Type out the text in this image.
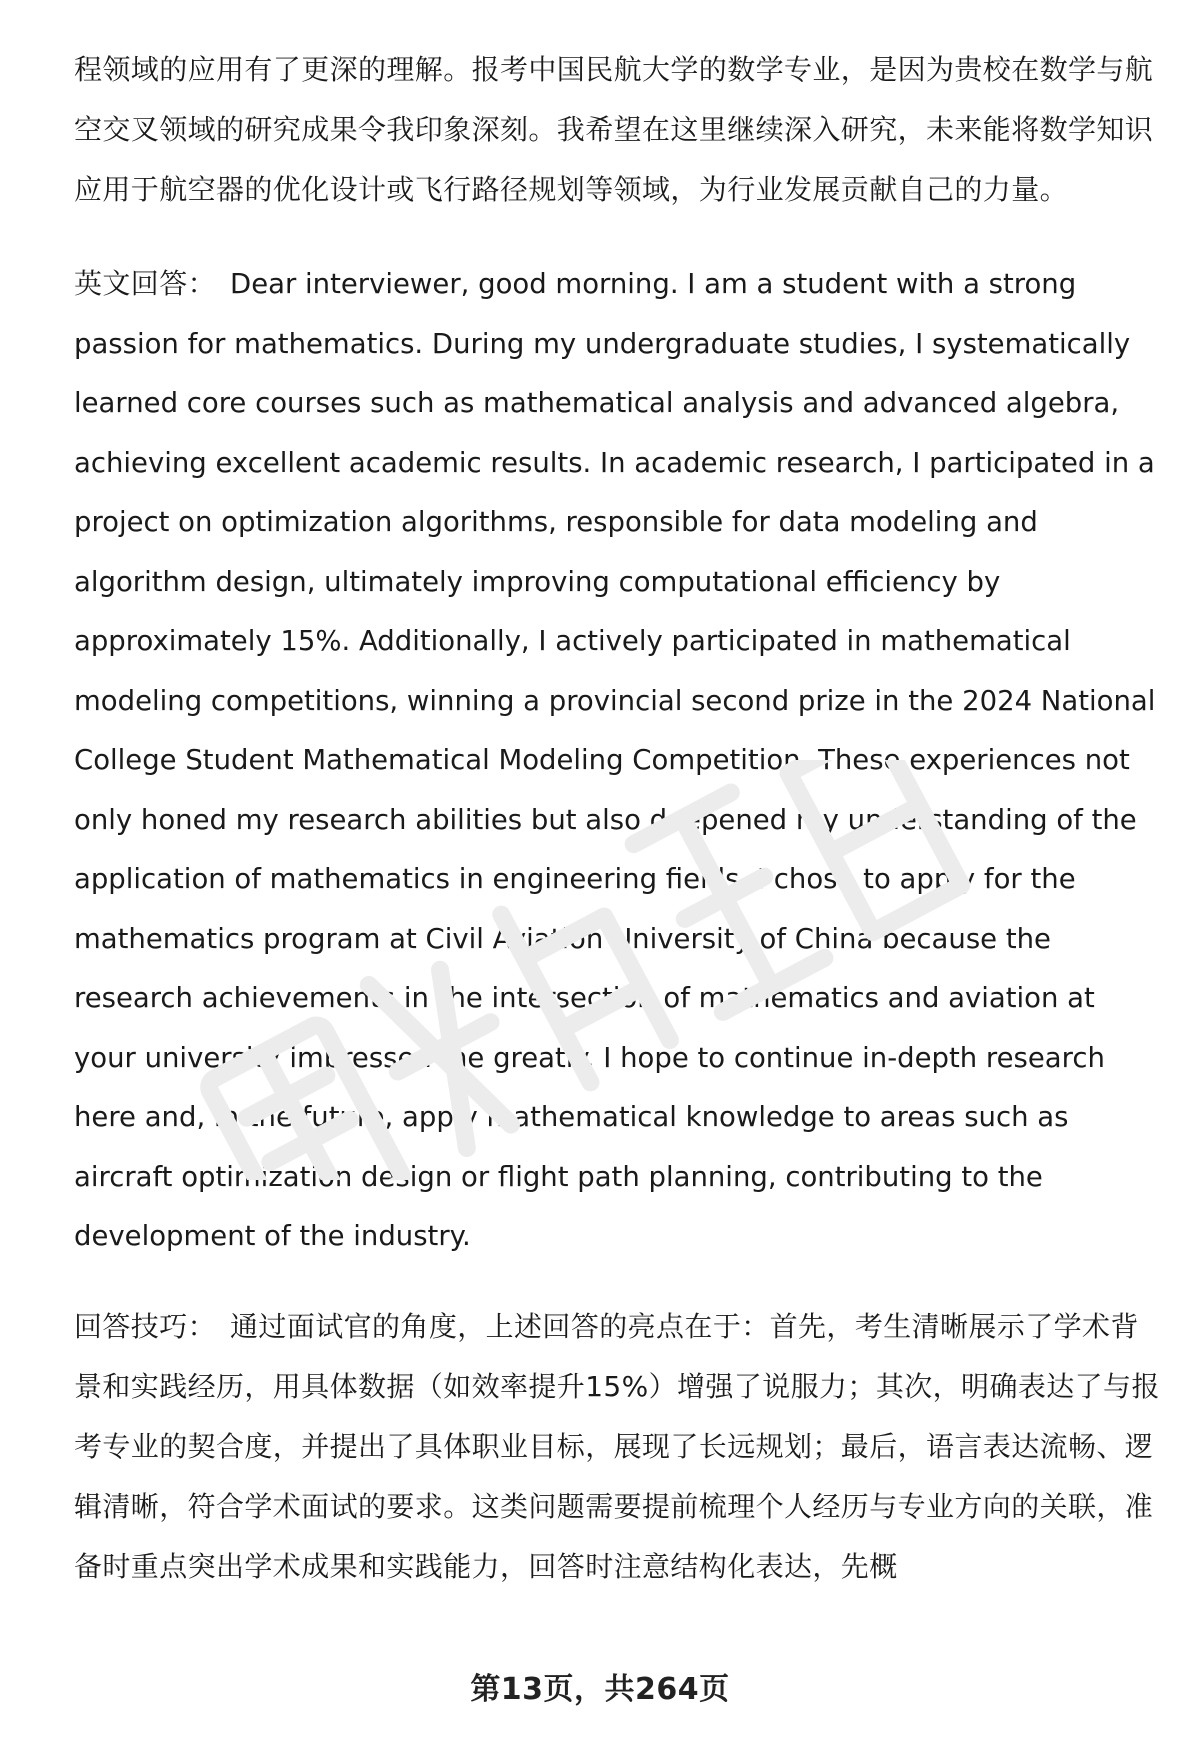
程领域的应用有了更深的理解。报考中国民航大学的数学专业，是因为贵校在数学与航空交叉领域的研究成果令我印象深刻。我希望在这里继续深入研究，未来能将数学知识应用于航空器的优化设计或飞行路径规划等领域，为行业发展贡献自己的力量。

英文回答： Dear interviewer, good morning. I am a student with a strong passion for mathematics. During my undergraduate studies, I systematically learned core courses such as mathematical analysis and advanced algebra, achieving excellent academic results. In academic research, I participated in a project on optimization algorithms, responsible for data modeling and algorithm design, ultimately improving computational efficiency by approximately 15%. Additionally, I actively participated in mathematical modeling competitions, winning a provincial second prize in the 2024 National College Student Mathematical Modeling Competition. These experiences not only honed my research abilities but also deepened my understanding of the application of mathematics in engineering fields. I chose to apply for the mathematics program at Civil Aviation University of China because the research achievements in the intersection of mathematics and aviation at your university impressed me greatly. I hope to continue in-depth research here and, in the future, apply mathematical knowledge to areas such as aircraft optimization design or flight path planning, contributing to the development of the industry.

回答技巧： 通过面试官的角度，上述回答的亮点在于：首先，考生清晰展示了学术背景和实践经历，用具体数据（如效率提升15%）增强了说服力；其次，明确表达了与报考专业的契合度，并提出了具体职业目标，展现了长远规划；最后，语言表达流畅、逻辑清晰，符合学术面试的要求。这类问题需要提前梳理个人经历与专业方向的关联，准备时重点突出学术成果和实践能力，回答时注意结构化表达，先概

第13页，共264页
